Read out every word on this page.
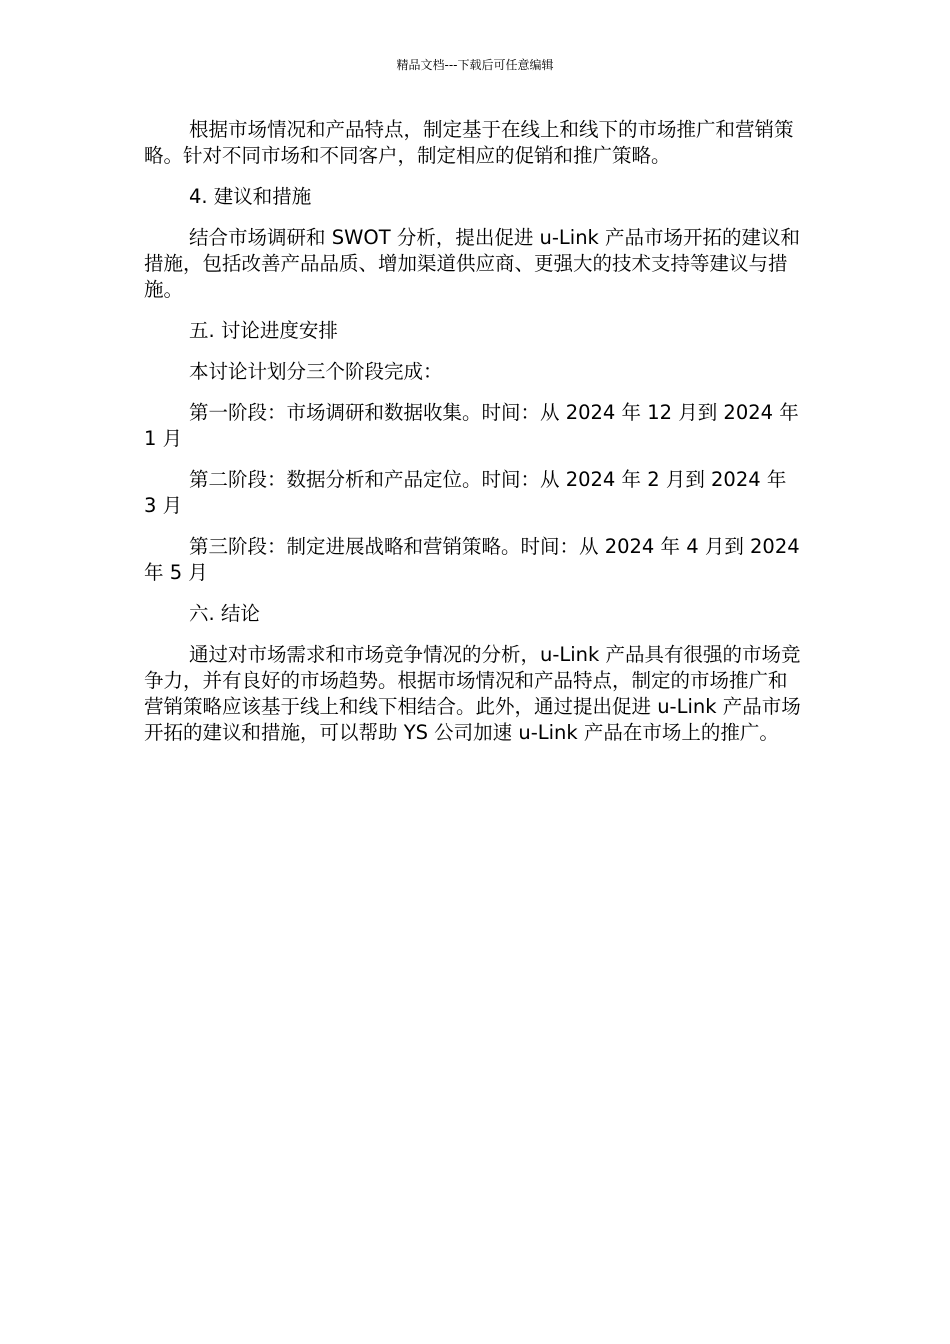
精品文档---下载后可任意编辑

根据市场情况和产品特点，制定基于在线上和线下的市场推广和营销策略。针对不同市场和不同客户，制定相应的促销和推广策略。

4. 建议和措施

结合市场调研和 SWOT 分析，提出促进 u-Link 产品市场开拓的建议和措施，包括改善产品品质、增加渠道供应商、更强大的技术支持等建议与措施。

五. 讨论进度安排

本讨论计划分三个阶段完成：

第一阶段：市场调研和数据收集。时间：从 2024 年 12 月到 2024 年 1 月

第二阶段：数据分析和产品定位。时间：从 2024 年 2 月到 2024 年 3 月

第三阶段：制定进展战略和营销策略。时间：从 2024 年 4 月到 2024 年 5 月

六. 结论

通过对市场需求和市场竞争情况的分析，u-Link 产品具有很强的市场竞争力，并有良好的市场趋势。根据市场情况和产品特点，制定的市场推广和营销策略应该基于线上和线下相结合。此外，通过提出促进 u-Link 产品市场开拓的建议和措施，可以帮助 YS 公司加速 u-Link 产品在市场上的推广。
